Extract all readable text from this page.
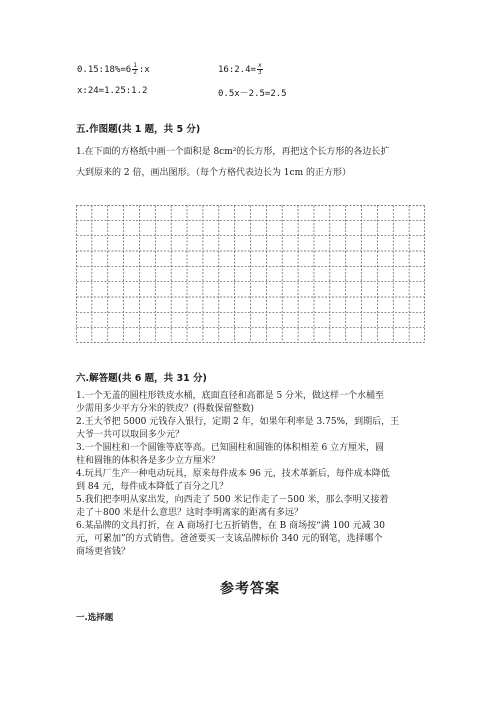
0.15:18%=6 $\frac{1}{2}$ :x	16:2.4= $\frac{x}{3}$
x:24=1.25:1.2	0.5x－2.5=2.5
五.作图题(共 1 题，共 5 分)
1.在下面的方格纸中画一个面积是 8cm²的长方形，再把这个长方形的各边长扩
大到原来的 2 倍，画出图形。（每个方格代表边长为 1cm 的正方形）
六.解答题(共 6 题，共 31 分)
1.一个无盖的圆柱形铁皮水桶，底面直径和高都是 5 分米，做这样一个水桶至
少需用多少平方分米的铁皮？(得数保留整数)
2.王大爷把 5000 元钱存入银行，定期 2 年，如果年利率是 3.75%，到期后，王
大爷一共可以取回多少元？
3.一个圆柱和一个圆锥等底等高。已知圆柱和圆锥的体积相差 6 立方厘米，圆
柱和圆锥的体积各是多少立方厘米？
4.玩具厂生产一种电动玩具，原来每件成本 96 元，技术革新后，每件成本降低
到 84 元，每件成本降低了百分之几？
5.我们把李明从家出发，向西走了 500 米记作走了－500 米，那么李明又接着
走了＋800 米是什么意思？这时李明离家的距离有多远？
6.某品牌的文具打折，在 A 商场打七五折销售，在 B 商场按“满 100 元减 30
元，可累加”的方式销售。爸爸要买一支该品牌标价 340 元的钢笔，选择哪个
商场更省钱？
参考答案
一.选择题
